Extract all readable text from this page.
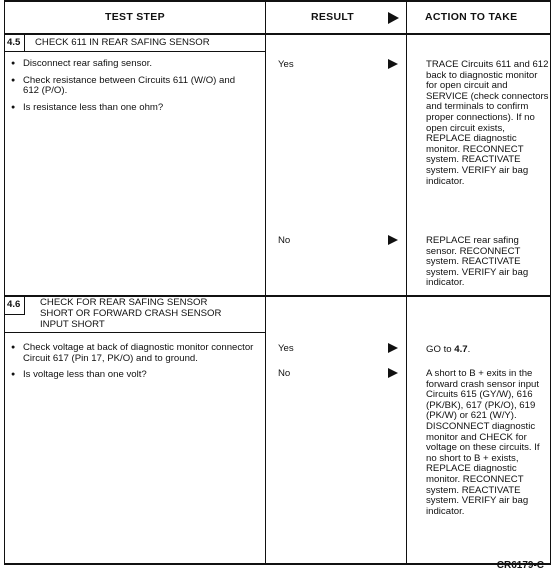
TEST STEP	RESULT	ACTION TO TAKE
4.5	CHECK 611 IN REAR SAFING SENSOR
● Disconnect rear safing sensor.
● Check resistance between Circuits 611 (W/O) and 612 (P/O).
● Is resistance less than one ohm?
Yes	TRACE Circuits 611 and 612 back to diagnostic monitor for open circuit and SERVICE (check connectors and terminals to confirm proper connections). If no open circuit exists, REPLACE diagnostic monitor. RECONNECT system. REACTIVATE system. VERIFY air bag indicator.
No	REPLACE rear safing sensor. RECONNECT system. REACTIVATE system. VERIFY air bag indicator.
4.6	CHECK FOR REAR SAFING SENSOR SHORT OR FORWARD CRASH SENSOR INPUT SHORT
● Check voltage at back of diagnostic monitor connector Circuit 617 (Pin 17, PK/O) and to ground.
● Is voltage less than one volt?
Yes	GO to 4.7.
No	A short to B + exits in the forward crash sensor input Circuits 615 (GY/W), 616 (PK/BK), 617 (PK/O), 619 (PK/W) or 621 (W/Y). DISCONNECT diagnostic monitor and CHECK for voltage on these circuits. If no short to B + exists, REPLACE diagnostic monitor. RECONNECT system. REACTIVATE system. VERIFY air bag indicator.
CR6179-C
